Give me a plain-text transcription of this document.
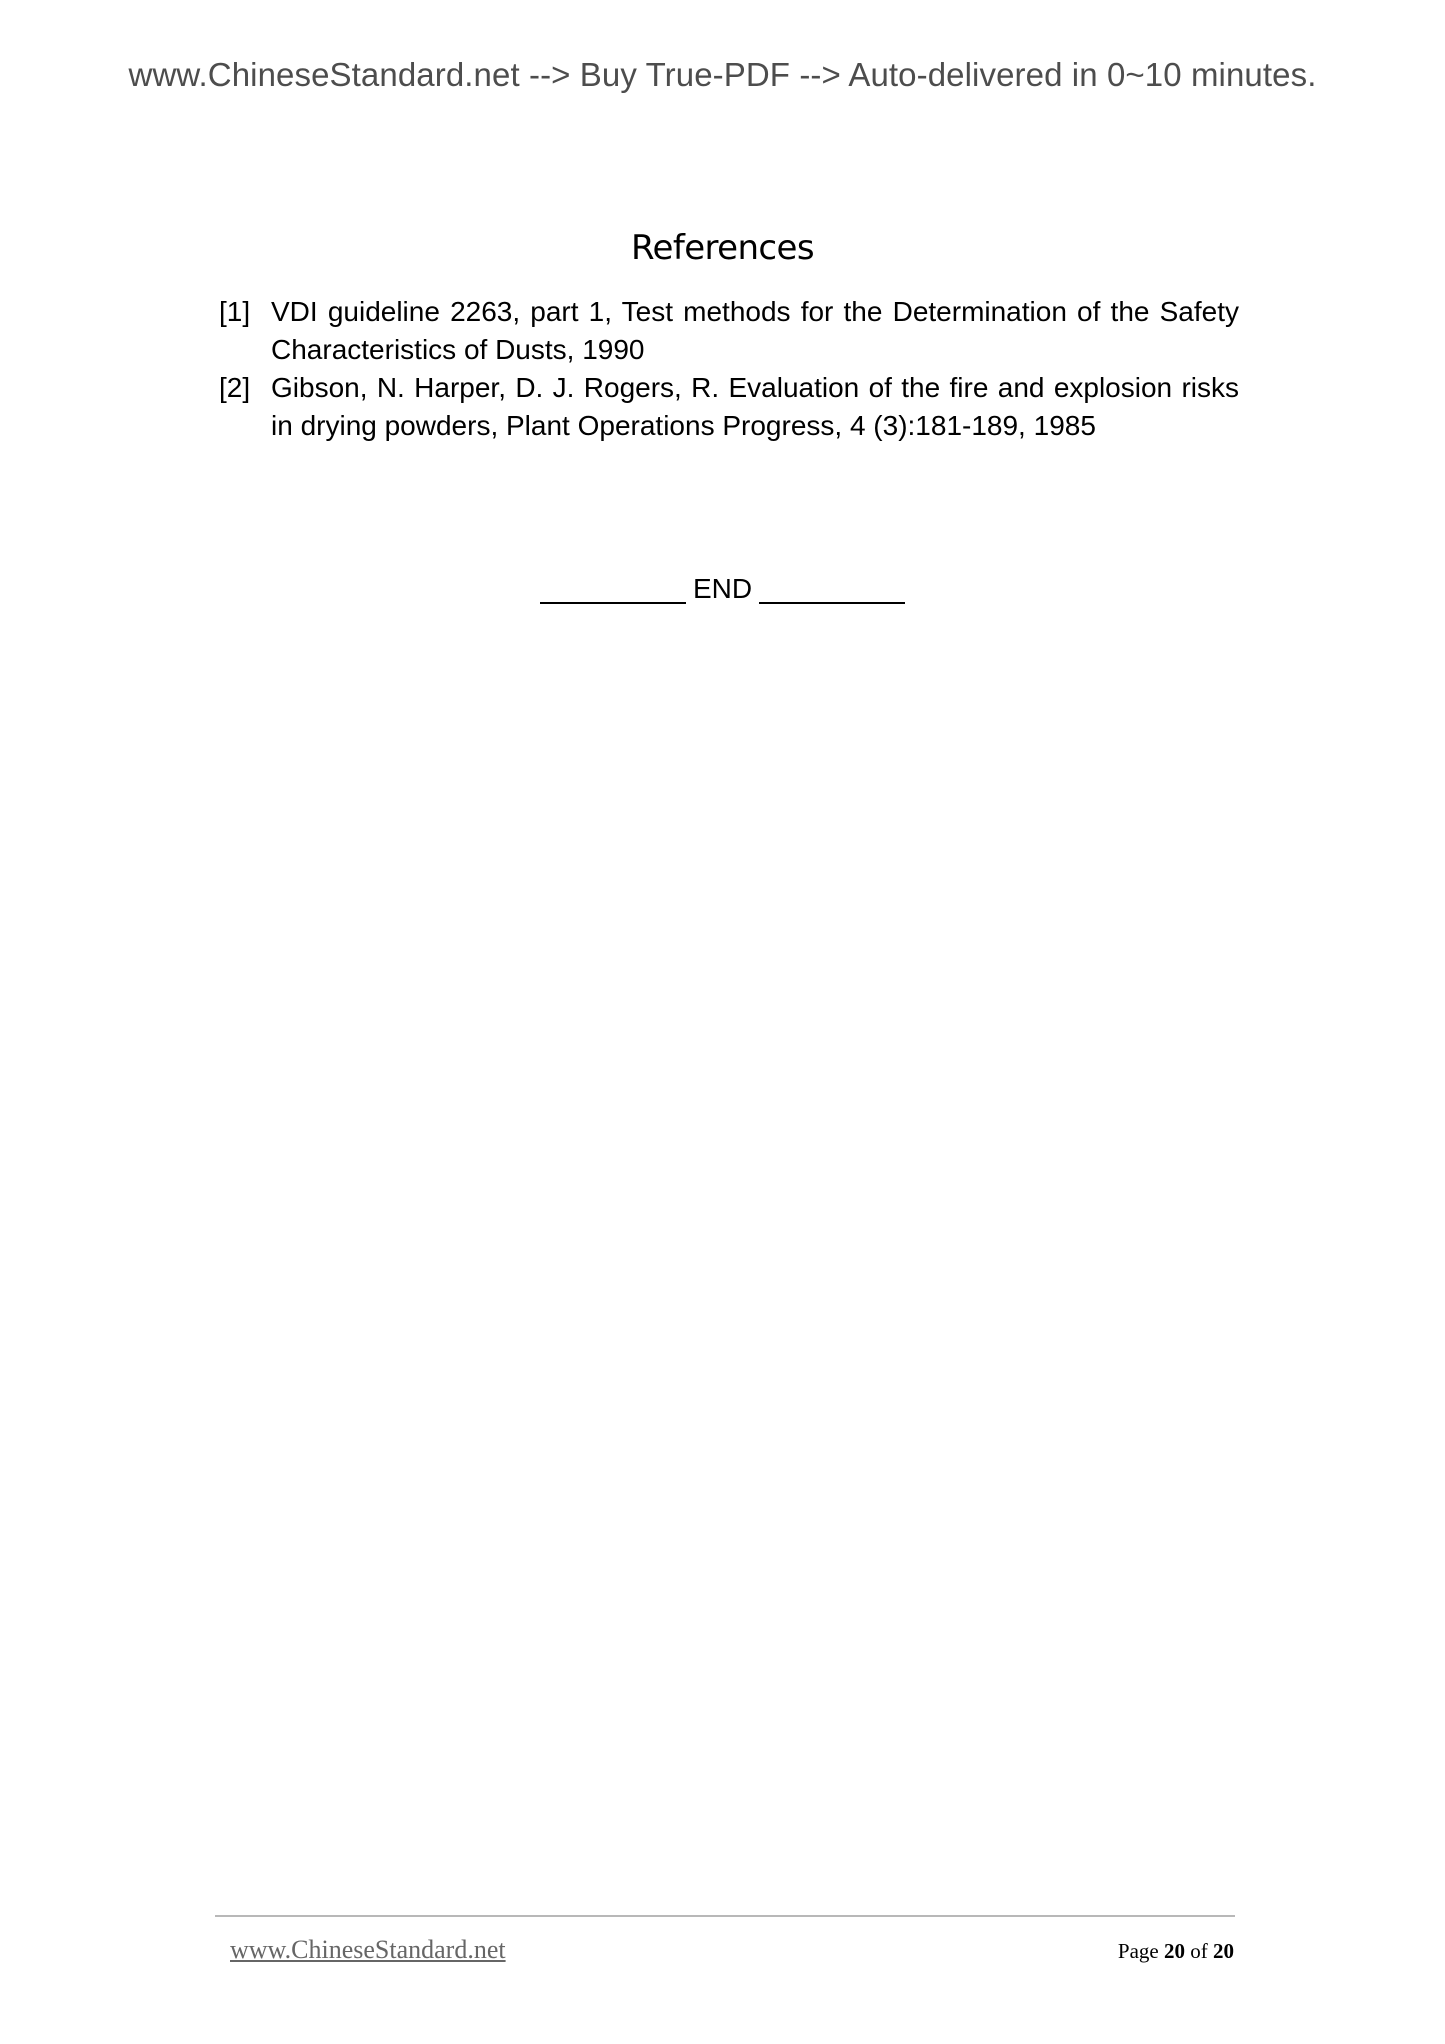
www.ChineseStandard.net --> Buy True-PDF --> Auto-delivered in 0~10 minutes.
References
[1] VDI guideline 2263, part 1, Test methods for the Determination of the Safety Characteristics of Dusts, 1990
[2] Gibson, N. Harper, D. J. Rogers, R. Evaluation of the fire and explosion risks in drying powders, Plant Operations Progress, 4 (3):181-189, 1985
END
www.ChineseStandard.net	Page 20 of 20
